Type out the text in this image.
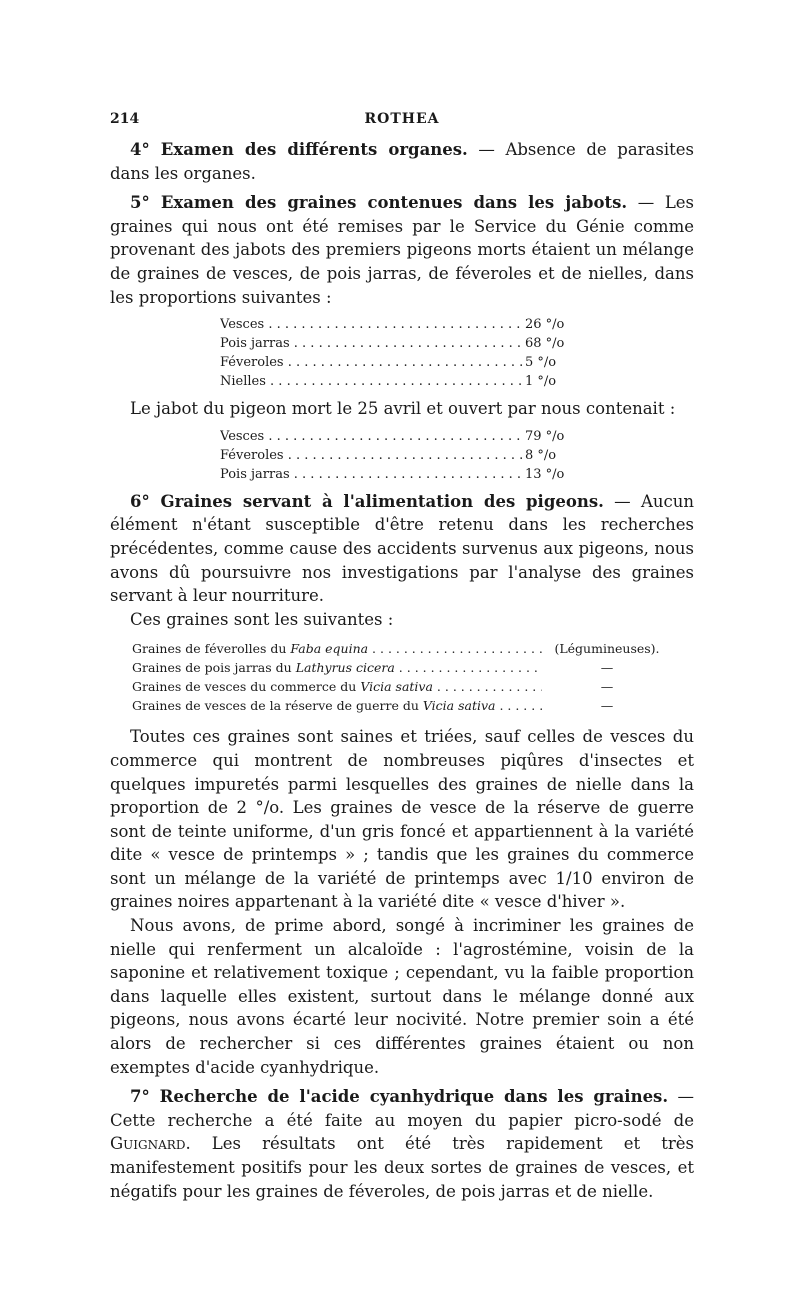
214	ROTHEA

4° Examen des différents organes. — Absence de parasites dans les organes.

5° Examen des graines contenues dans les jabots. — Les graines qui nous ont été remises par le Service du Génie comme provenant des jabots des premiers pigeons morts étaient un mélange de graines de vesces, de pois jarras, de féveroles et de nielles, dans les proportions suivantes :

Vesces . . .	26 °/o
Pois jarras . . .	68 °/o
Féveroles . . .	5 °/o
Nielles . . .	1 °/o

Le jabot du pigeon mort le 25 avril et ouvert par nous contenait :

Vesces . . .	79 °/o
Féveroles . . .	8 °/o
Pois jarras . . .	13 °/o

6° Graines servant à l'alimentation des pigeons. — Aucun élément n'étant susceptible d'être retenu dans les recherches précédentes, comme cause des accidents survenus aux pigeons, nous avons dû poursuivre nos investigations par l'analyse des graines servant à leur nourriture.

Ces graines sont les suivantes :

Graines de féverolles du Faba equina . . .	(Légumineuses).
Graines de pois jarras du Lathyrus cicera . . .	—
Graines de vesces du commerce du Vicia sativa . . .	—
Graines de vesces de la réserve de guerre du Vicia sativa . . .	—

Toutes ces graines sont saines et triées, sauf celles de vesces du commerce qui montrent de nombreuses piqûres d'insectes et quelques impuretés parmi lesquelles des graines de nielle dans la proportion de 2 °/o. Les graines de vesce de la réserve de guerre sont de teinte uniforme, d'un gris foncé et appartiennent à la variété dite « vesce de printemps » ; tandis que les graines du commerce sont un mélange de la variété de printemps avec 1/10 environ de graines noires appartenant à la variété dite « vesce d'hiver ».

Nous avons, de prime abord, songé à incriminer les graines de nielle qui renferment un alcaloïde : l'agrostémine, voisin de la saponine et relativement toxique ; cependant, vu la faible proportion dans laquelle elles existent, surtout dans le mélange donné aux pigeons, nous avons écarté leur nocivité. Notre premier soin a été alors de rechercher si ces différentes graines étaient ou non exemptes d'acide cyanhydrique.

7° Recherche de l'acide cyanhydrique dans les graines. — Cette recherche a été faite au moyen du papier picro-sodé de Guignard. Les résultats ont été très rapidement et très manifestement positifs pour les deux sortes de graines de vesces, et négatifs pour les graines de féveroles, de pois jarras et de nielle.
